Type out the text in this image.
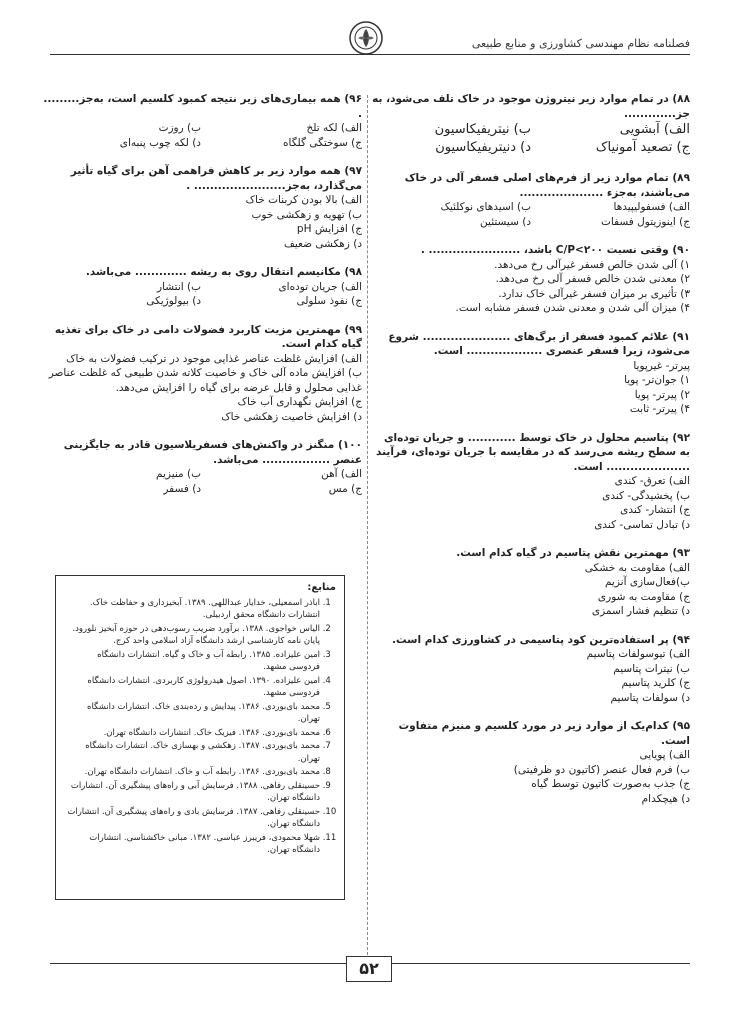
فصلنامه نظام مهندسی کشاورزی و منابع طبیعی
۸۸) در تمام موارد زیر نیتروژن موجود در خاک تلف می‌شود، به جز.............
الف) آبشویی
ب) نیتریفیکاسیون
ج) تصعید آمونیاک
د) دنیتریفیکاسیون
۸۹) تمام موارد زیر از فرم‌های اصلی فسفر آلی در خاک می‌باشند، به‌جزء .....................
الف) فسفولیپیدها
ب) اسیدهای نوکلئیک
ج) اینوزیتول فسفات
د) سیستئین
۹۰) وقتی نسبت C/P<۲۰۰ باشد، ....................... .
۱) آلی شدن خالص فسفر غیرآلی رخ می‌دهد.
۲) معدنی شدن خالص فسفر آلی رخ می‌دهد.
۳) تأثیری بر میزان فسفر غیرآلی خاک ندارد.
۴) میزان آلی شدن و معدنی شدن فسفر مشابه است.
۹۱) علائم کمبود فسفر از برگ‌های ...................... شروع می‌شود، زیرا فسفر عنصری ................... است.
پیرتر- غیرپویا
۱) جوان‌تر- پویا
۲) پیرتر- پویا
۴) پیرتر- ثابت
۹۲) پتاسیم محلول در خاک توسط ............ و جریان توده‌ای به سطح ریشه می‌رسد که در مقایسه با جریان توده‌ای، فرآیند ..................... است.
الف) تعرق- کندی
ب) پخشیدگی- کندی
ج) انتشار- کندی
د) تبادل تماسی- کندی
۹۳) مهمترین نقش پتاسیم در گیاه کدام است.
الف) مقاومت به خشکی
ب)فعال‌سازی آنزیم
ج) مقاومت به شوری
د) تنظیم فشار اسمزی
۹۴) پر استفاده‌ترین کود پتاسیمی در کشاورزی کدام است.
الف) تیوسولفات پتاسیم
ب) نیترات پتاسیم
ج) کلرید پتاسیم
د) سولفات پتاسیم
۹۵) کدام‌یک از موارد زیر در مورد کلسیم و منیزم متفاوت است.
الف) پویایی
ب) فرم فعال عنصر (کاتیون دو ظرفیتی)
ج) جذب به‌صورت کاتیون توسط گیاه
د) هیچکدام
۹۶) همه بیماری‌های زیر نتیجه کمبود کلسیم است، به‌جز......... .
الف) لکه تلخ
ب) روزت
ج) سوختگی گلگاه
د) لکه چوب پنبه‌ای
۹۷) همه موارد زیر بر کاهش فراهمی آهن برای گیاه تأثیر می‌گذارد، به‌جز....................... .
الف) بالا بودن کربنات خاک
ب) تهویه و زهکشی خوب
ج) افزایش pH
د) زهکشی ضعیف
۹۸) مکانیسم انتقال روی به ریشه ............. می‌باشد.
الف) جریان توده‌ای
ب) انتشار
ج) نفوذ سلولی
د) بیولوژیکی
۹۹) مهمترین مزیت کاربرد فضولات دامی در خاک برای تغذیه گیاه کدام است.
الف) افزایش غلظت عناصر غذایی موجود در ترکیب فضولات به خاک
ب) افزایش ماده آلی خاک و خاصیت کلاته شدن طبیعی که غلظت عناصر غذایی محلول و قابل عرضه برای گیاه را افزایش می‌دهد.
ج) افزایش نگهداری آب خاک
د) افزایش خاصیت زهکشی خاک
۱۰۰) منگنز در واکنش‌های فسفریلاسیون قادر به جایگزینی عنصر ................. می‌باشد.
الف) آهن
ب) منیزیم
ج) مس
د) فسفر
منابع:
1. اباذر اسمعیلی، خدایار عبداللهی. ۱۳۸۹. آبخیزداری و حفاظت خاک. انتشارات دانشگاه محقق اردبیلی.
2. الیاس خواجوی. ۱۳۸۸. برآورد ضریب رسوب‌دهی در حوزه آبخیز نلورود. پایان نامه کارشناسی ارشد دانشگاه آزاد اسلامی واحد کرج.
3. امین علیزاده. ۱۳۸۵. رابطه آب و خاک و گیاه. انتشارات دانشگاه فردوسی مشهد.
4. امین علیزاده. ۱۳۹۰. اصول هیدرولوژی کاربردی. انتشارات دانشگاه فردوسی مشهد.
5. محمد بای‌بوردی. ۱۳۸۶. پیدایش و ردەبندی خاک. انتشارات دانشگاه تهران.
6. محمد بای‌بوردی. ۱۳۸۶. فیزیک خاک. انتشارات دانشگاه تهران.
7. محمد بای‌بوردی. ۱۳۸۷. زهکشی و بهسازی خاک. انتشارات دانشگاه تهران.
8. محمد بای‌بوردی. ۱۳۸۶. رابطه آب و خاک. انتشارات دانشگاه تهران.
9. حسینقلی رفاهی. ۱۳۸۸. فرسایش آبی و راه‌های پیشگیری آن. انتشارات دانشگاه تهران.
10. حسینقلی رفاهی. ۱۳۸۷. فرسایش بادی و راه‌های پیشگیری آن. انتشارات دانشگاه تهران.
11. شهلا محمودی، فریبرز عباسی. ۱۳۸۲. مبانی خاکشناسی. انتشارات دانشگاه تهران.
۵۲
